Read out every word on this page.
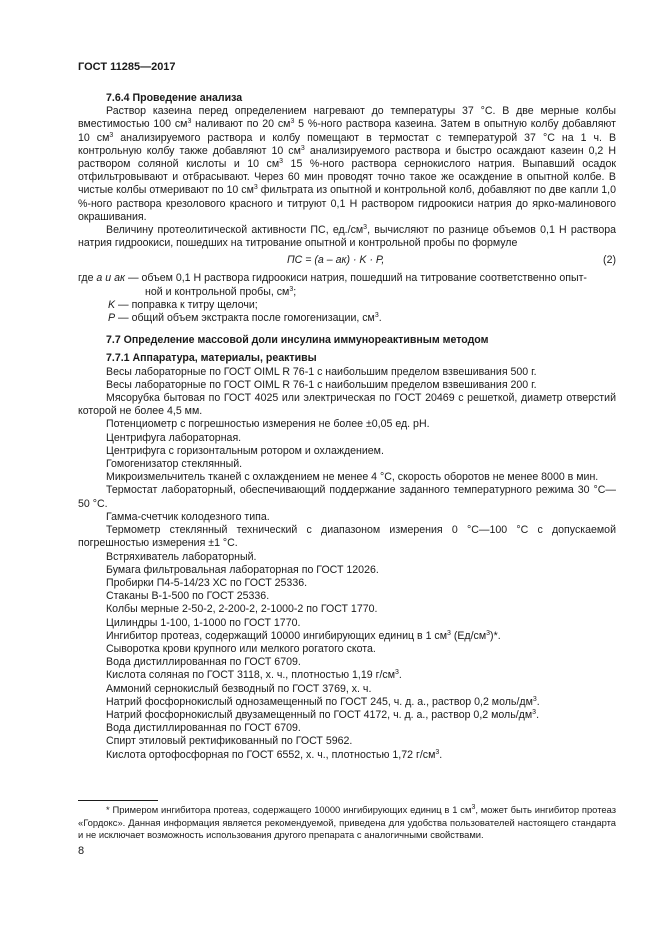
ГОСТ 11285—2017

7.6.4 Проведение анализа

Раствор казеина перед определением нагревают до температуры 37 °С. В две мерные колбы вместимостью 100 $см^3$ наливают по 20 $см^3$ 5 %-ного раствора казеина. Затем в опытную колбу добавляют 10 $см^3$ анализируемого раствора и колбу помещают в термостат с температурой 37 °С на 1 ч. В контрольную колбу также добавляют 10 $см^3$ анализируемого раствора и быстро осаждают казеин 0,2 Н раствором соляной кислоты и 10 $см^3$ 15 %-ного раствора сернокислого натрия. Выпавший осадок отфильтровывают и отбрасывают. Через 60 мин проводят точно такое же осаждение в опытной колбе. В чистые колбы отмеривают по 10 $см^3$ фильтрата из опытной и контрольной колб, добавляют по две капли 1,0 %-ного раствора крезолового красного и титруют 0,1 Н раствором гидроокиси натрия до ярко-малинового окрашивания.

Величину протеолитической активности ПС, $ед./см^3$, вычисляют по разнице объемов 0,1 Н раствора натрия гидроокиси, пошедших на титрование опытной и контрольной пробы по формуле

ПС = (а – ак) · K · Р,	(2)

где а и ак — объем 0,1 Н раствора гидроокиси натрия, пошедший на титрование соответственно опыт-

ной и контрольной пробы, $см^3$;

K — поправка к титру щелочи;

Р — общий объем экстракта после гомогенизации, $см^3$.

7.7 Определение массовой доли инсулина иммунореактивным методом

7.7.1 Аппаратура, материалы, реактивы

Весы лабораторные по ГОСТ OIML R 76-1 с наибольшим пределом взвешивания 500 г.

Весы лабораторные по ГОСТ OIML R 76-1 с наибольшим пределом взвешивания 200 г.

Мясорубка бытовая по ГОСТ 4025 или электрическая по ГОСТ 20469 с решеткой, диаметр отверстий которой не более 4,5 мм.

Потенциометр с погрешностью измерения не более ±0,05 ед. рН.

Центрифуга лабораторная.

Центрифуга с горизонтальным ротором и охлаждением.

Гомогенизатор стеклянный.

Микроизмельчитель тканей с охлаждением не менее 4 °С, скорость оборотов не менее 8000 в мин.

Термостат лабораторный, обеспечивающий поддержание заданного температурного режима 30 °С—50 °С.

Гамма-счетчик колодезного типа.

Термометр стеклянный технический с диапазоном измерения 0 °С—100 °С с допускаемой погрешностью измерения ±1 °С.

Встряхиватель лабораторный.

Бумага фильтровальная лабораторная по ГОСТ 12026.

Пробирки П4-5-14/23 ХС по ГОСТ 25336.

Стаканы В-1-500 по ГОСТ 25336.

Колбы мерные 2-50-2, 2-200-2, 2-1000-2 по ГОСТ 1770.

Цилиндры 1-100, 1-1000 по ГОСТ 1770.

Ингибитор протеаз, содержащий 10000 ингибирующих единиц в 1 $см^3$ $(Ед/см^3)*$.

Сыворотка крови крупного или мелкого рогатого скота.

Вода дистиллированная по ГОСТ 6709.

Кислота соляная по ГОСТ 3118, х. ч., плотностью 1,19 $г/см^3$.

Аммоний сернокислый безводный по ГОСТ 3769, х. ч.

Натрий фосфорнокислый однозамещенный по ГОСТ 245, ч. д. а., раствор 0,2 моль/$дм^3$.

Натрий фосфорнокислый двузамещенный по ГОСТ 4172, ч. д. а., раствор 0,2 моль/$дм^3$.

Вода дистиллированная по ГОСТ 6709.

Спирт этиловый ректификованный по ГОСТ 5962.

Кислота ортофосфорная по ГОСТ 6552, х. ч., плотностью 1,72 $г/см^3$.

* Примером ингибитора протеаз, содержащего 10000 ингибирующих единиц в 1 $см^3$, может быть ингибитор протеаз «Гордокс». Данная информация является рекомендуемой, приведена для удобства пользователей настоящего стандарта и не исключает возможность использования другого препарата с аналогичными свойствами.

8
